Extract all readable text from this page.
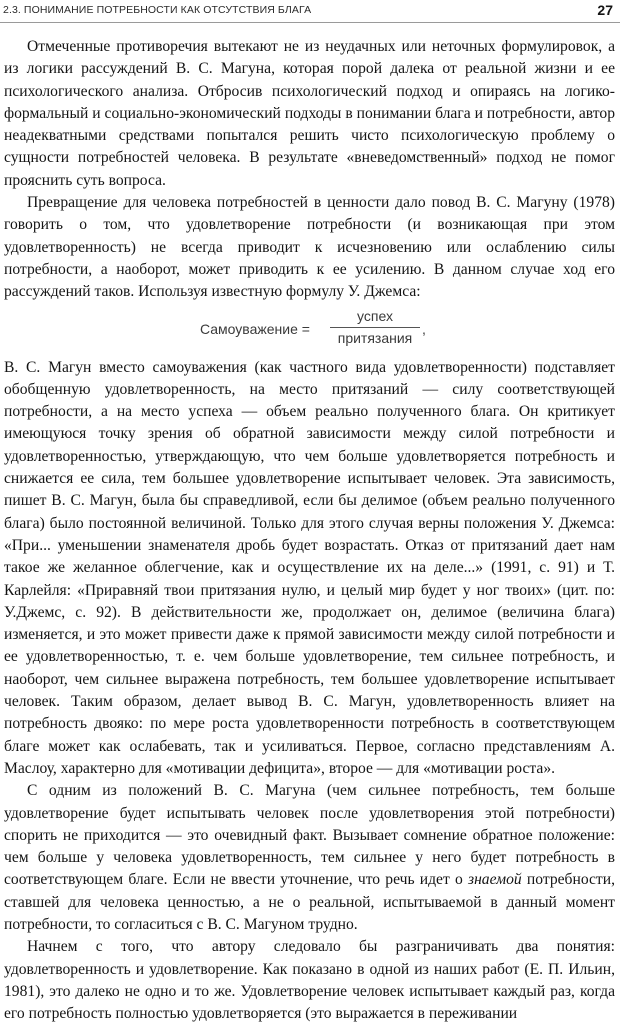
2.3. ПОНИМАНИЕ ПОТРЕБНОСТИ КАК ОТСУТСТВИЯ БЛАГА	27

Отмеченные противоречия вытекают не из неудачных или неточных формулировок, а из логики рассуждений В. С. Магуна, которая порой далека от реальной жизни и ее психологического анализа. Отбросив психологический подход и опираясь на логико-формальный и социально-экономический подходы в понимании блага и потребности, автор неадекватными средствами попытался решить чисто психологическую проблему о сущности потребностей человека. В результате «вневедомственный» подход не помог прояснить суть вопроса.

Превращение для человека потребностей в ценности дало повод В. С. Магуну (1978) говорить о том, что удовлетворение потребности (и возникающая при этом удовлетворенность) не всегда приводит к исчезновению или ослаблению силы потребности, а наоборот, может приводить к ее усилению. В данном случае ход его рассуждений таков. Используя известную формулу У. Джемса:

Самоуважение =
успех
притязания
,

В. С. Магун вместо самоуважения (как частного вида удовлетворенности) подставляет обобщенную удовлетворенность, на место притязаний — силу соответствующей потребности, а на место успеха — объем реально полученного блага. Он критикует имеющуюся точку зрения об обратной зависимости между силой потребности и удовлетворенностью, утверждающую, что чем больше удовлетворяется потребность и снижается ее сила, тем большее удовлетворение испытывает человек. Эта зависимость, пишет В. С. Магун, была бы справедливой, если бы делимое (объем реально полученного блага) было постоянной величиной. Только для этого случая верны положения У. Джемса: «При... уменьшении знаменателя дробь будет возрастать. Отказ от притязаний дает нам такое же желанное облегчение, как и осуществление их на деле...» (1991, с. 91) и Т. Карлейля: «Приравняй твои притязания нулю, и целый мир будет у ног твоих» (цит. по: У.Джемс, с. 92). В действительности же, продолжает он, делимое (величина блага) изменяется, и это может привести даже к прямой зависимости между силой потребности и ее удовлетворенностью, т. е. чем больше удовлетворение, тем сильнее потребность, и наоборот, чем сильнее выражена потребность, тем большее удовлетворение испытывает человек. Таким образом, делает вывод В. С. Магун, удовлетворенность влияет на потребность двояко: по мере роста удовлетворенности потребность в соответствующем благе может как ослабевать, так и усиливаться. Первое, согласно представлениям А. Маслоу, характерно для «мотивации дефицита», второе — для «мотивации роста».

С одним из положений В. С. Магуна (чем сильнее потребность, тем больше удовлетворение будет испытывать человек после удовлетворения этой потребности) спорить не приходится — это очевидный факт. Вызывает сомнение обратное положение: чем больше у человека удовлетворенность, тем сильнее у него будет потребность в соответствующем благе. Если не ввести уточнение, что речь идет о знаемой потребности, ставшей для человека ценностью, а не о реальной, испытываемой в данный момент потребности, то согласиться с В. С. Магуном трудно.

Начнем с того, что автору следовало бы разграничивать два понятия: удовлетворенность и удовлетворение. Как показано в одной из наших работ (Е. П. Ильин, 1981), это далеко не одно и то же. Удовлетворение человек испытывает каждый раз, когда его потребность полностью удовлетворяется (это выражается в переживании
